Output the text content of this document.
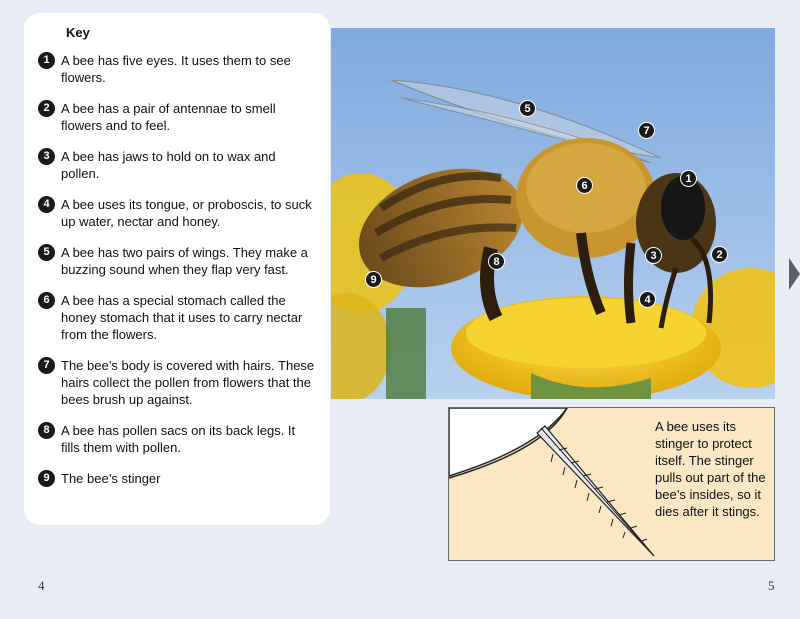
Key
1 A bee has five eyes. It uses them to see flowers.
2 A bee has a pair of antennae to smell flowers and to feel.
3 A bee has jaws to hold on to wax and pollen.
4 A bee uses its tongue, or proboscis, to suck up water, nectar and honey.
5 A bee has two pairs of wings. They make a buzzing sound when they flap very fast.
6 A bee has a special stomach called the honey stomach that it uses to carry nectar from the flowers.
7 The bee’s body is covered with hairs. These hairs collect the pollen from flowers that the bees brush up against.
8 A bee has pollen sacs on its back legs. It fills them with pollen.
9 The bee’s stinger
1
2
3
4
5
6
7
8
9
A bee uses its stinger to protect itself. The stinger pulls out part of the bee’s insides, so it dies after it stings.
4	5
